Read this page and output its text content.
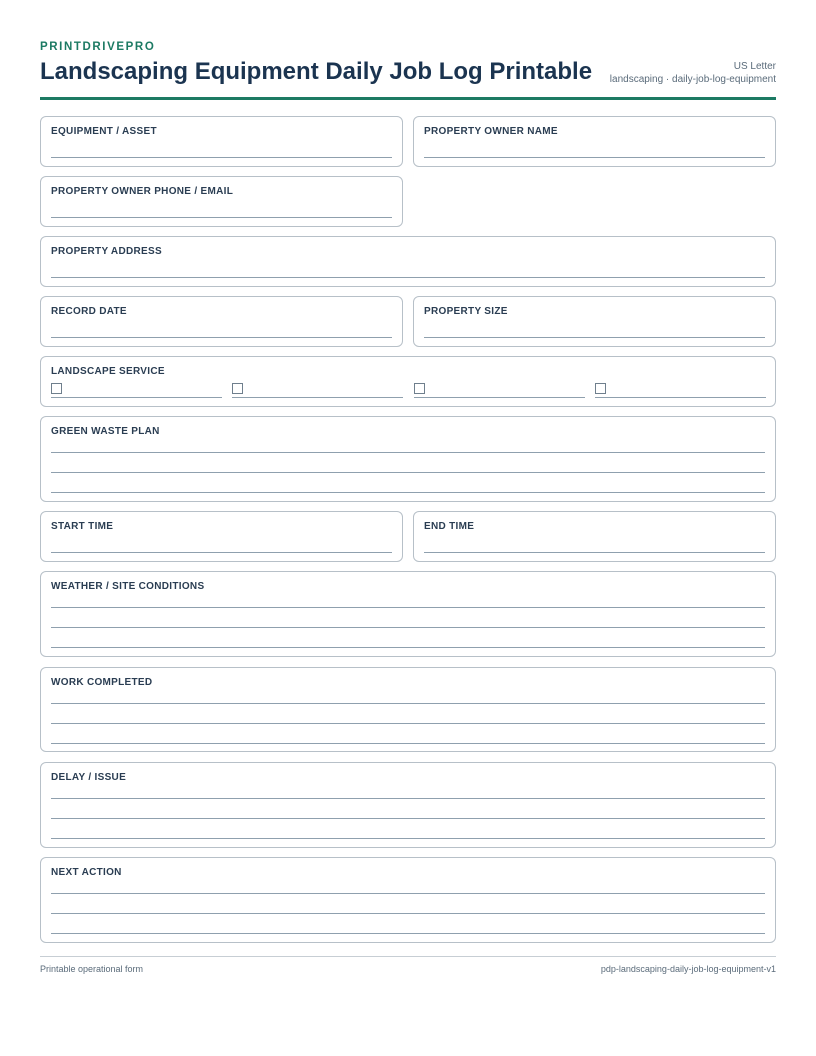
PRINTDRIVEPRO
Landscaping Equipment Daily Job Log Printable	US Letter
landscaping · daily-job-log-equipment
EQUIPMENT / ASSET	PROPERTY OWNER NAME
PROPERTY OWNER PHONE / EMAIL
PROPERTY ADDRESS
RECORD DATE	PROPERTY SIZE
LANDSCAPE SERVICE
GREEN WASTE PLAN
START TIME	END TIME
WEATHER / SITE CONDITIONS
WORK COMPLETED
DELAY / ISSUE
NEXT ACTION
Printable operational form	pdp-landscaping-daily-job-log-equipment-v1
